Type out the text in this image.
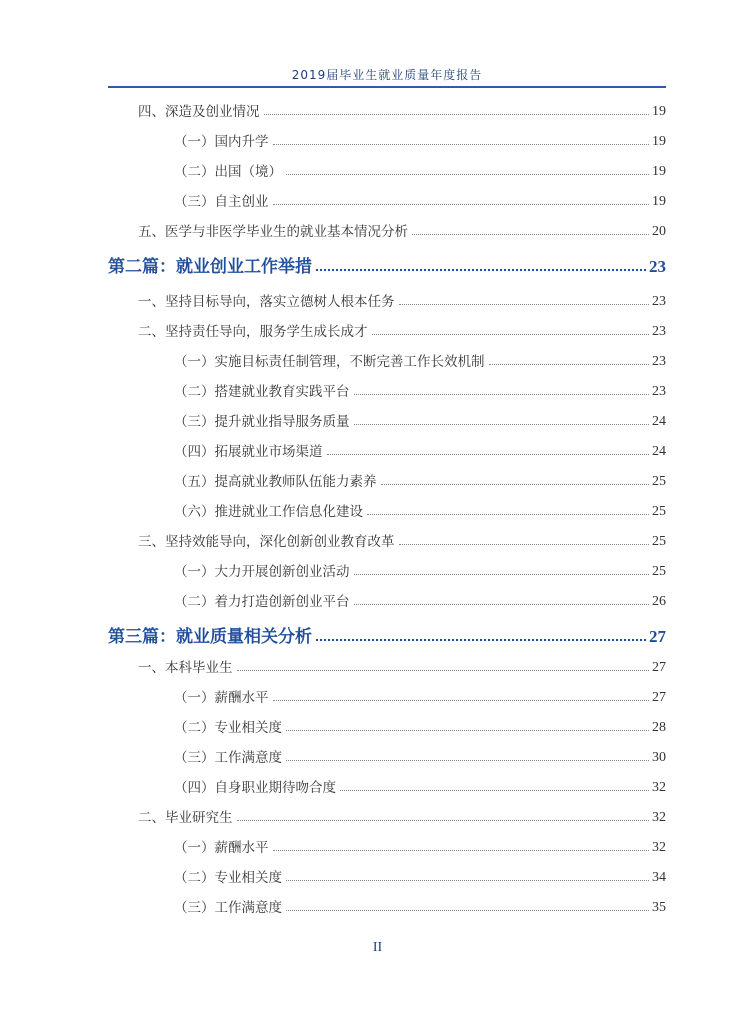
2019届毕业生就业质量年度报告
四、深造及创业情况	19
（一）国内升学	19
（二）出国（境）	19
（三）自主创业	19
五、医学与非医学毕业生的就业基本情况分析	20
第二篇：就业创业工作举措	23
一、坚持目标导向，落实立德树人根本任务	23
二、坚持责任导向，服务学生成长成才	23
（一）实施目标责任制管理，不断完善工作长效机制	23
（二）搭建就业教育实践平台	23
（三）提升就业指导服务质量	24
（四）拓展就业市场渠道	24
（五）提高就业教师队伍能力素养	25
（六）推进就业工作信息化建设	25
三、坚持效能导向，深化创新创业教育改革	25
（一）大力开展创新创业活动	25
（二）着力打造创新创业平台	26
第三篇：就业质量相关分析	27
一、本科毕业生	27
（一）薪酬水平	27
（二）专业相关度	28
（三）工作满意度	30
（四）自身职业期待吻合度	32
二、毕业研究生	32
（一）薪酬水平	32
（二）专业相关度	34
（三）工作满意度	35
II
